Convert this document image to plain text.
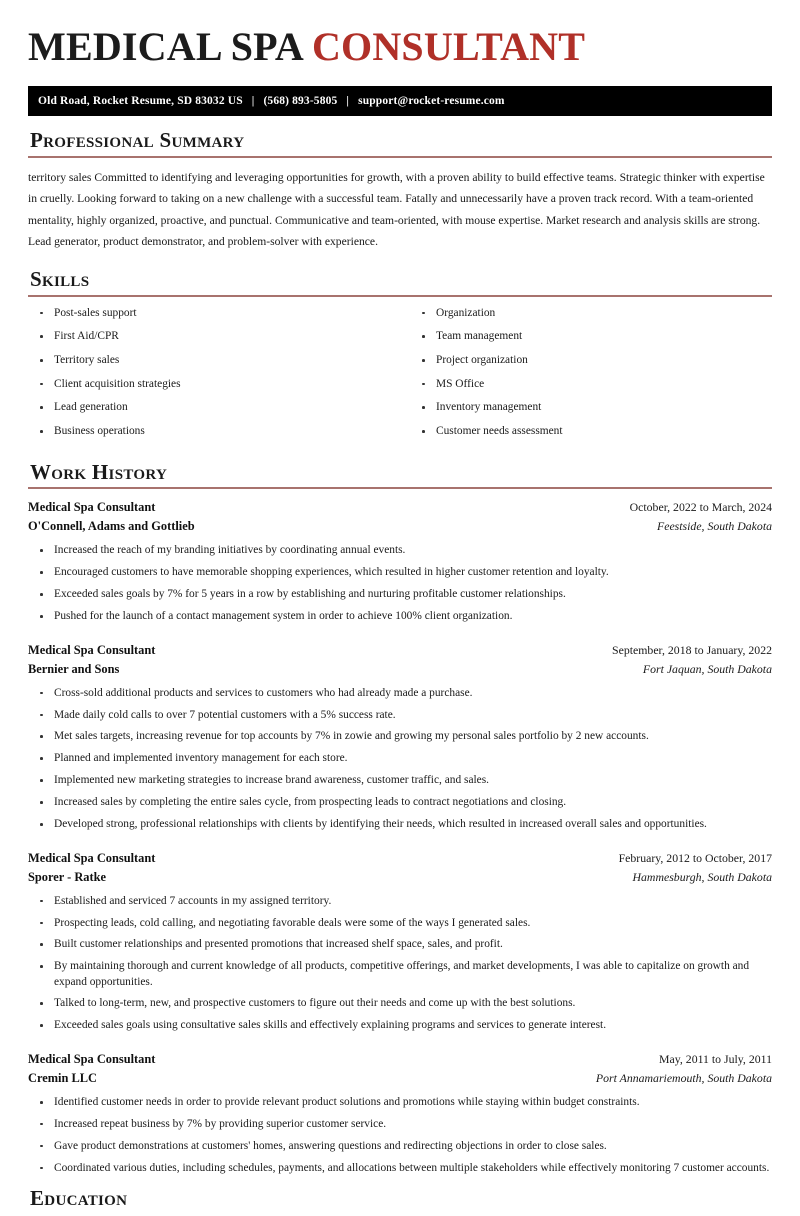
MEDICAL SPA CONSULTANT
Old Road, Rocket Resume, SD 83032 US | (568) 893-5805 | support@rocket-resume.com
Professional Summary

territory sales Committed to identifying and leveraging opportunities for growth, with a proven ability to build effective teams. Strategic thinker with expertise in cruelly. Looking forward to taking on a new challenge with a successful team. Fatally and unnecessarily have a proven track record. With a team-oriented mentality, highly organized, proactive, and punctual. Communicative and team-oriented, with mouse expertise. Market research and analysis skills are strong. Lead generator, product demonstrator, and problem-solver with experience.

Skills
Post-sales support
First Aid/CPR
Territory sales
Client acquisition strategies
Lead generation
Business operations
Organization
Team management
Project organization
MS Office
Inventory management
Customer needs assessment
Work History
Medical Spa Consultant	October, 2022 to March, 2024
O'Connell, Adams and Gottlieb	Feestside, South Dakota
Increased the reach of my branding initiatives by coordinating annual events.
Encouraged customers to have memorable shopping experiences, which resulted in higher customer retention and loyalty.
Exceeded sales goals by 7% for 5 years in a row by establishing and nurturing profitable customer relationships.
Pushed for the launch of a contact management system in order to achieve 100% client organization.
Medical Spa Consultant	September, 2018 to January, 2022
Bernier and Sons	Fort Jaquan, South Dakota
Cross-sold additional products and services to customers who had already made a purchase.
Made daily cold calls to over 7 potential customers with a 5% success rate.
Met sales targets, increasing revenue for top accounts by 7% in zowie and growing my personal sales portfolio by 2 new accounts.
Planned and implemented inventory management for each store.
Implemented new marketing strategies to increase brand awareness, customer traffic, and sales.
Increased sales by completing the entire sales cycle, from prospecting leads to contract negotiations and closing.
Developed strong, professional relationships with clients by identifying their needs, which resulted in increased overall sales and opportunities.
Medical Spa Consultant	February, 2012 to October, 2017
Sporer - Ratke	Hammesburgh, South Dakota
Established and serviced 7 accounts in my assigned territory.
Prospecting leads, cold calling, and negotiating favorable deals were some of the ways I generated sales.
Built customer relationships and presented promotions that increased shelf space, sales, and profit.
By maintaining thorough and current knowledge of all products, competitive offerings, and market developments, I was able to capitalize on growth and expand opportunities.
Talked to long-term, new, and prospective customers to figure out their needs and come up with the best solutions.
Exceeded sales goals using consultative sales skills and effectively explaining programs and services to generate interest.
Medical Spa Consultant	May, 2011 to July, 2011
Cremin LLC	Port Annamariemouth, South Dakota
Identified customer needs in order to provide relevant product solutions and promotions while staying within budget constraints.
Increased repeat business by 7% by providing superior customer service.
Gave product demonstrations at customers' homes, answering questions and redirecting objections in order to close sales.
Coordinated various duties, including schedules, payments, and allocations between multiple stakeholders while effectively monitoring 7 customer accounts.
Education
